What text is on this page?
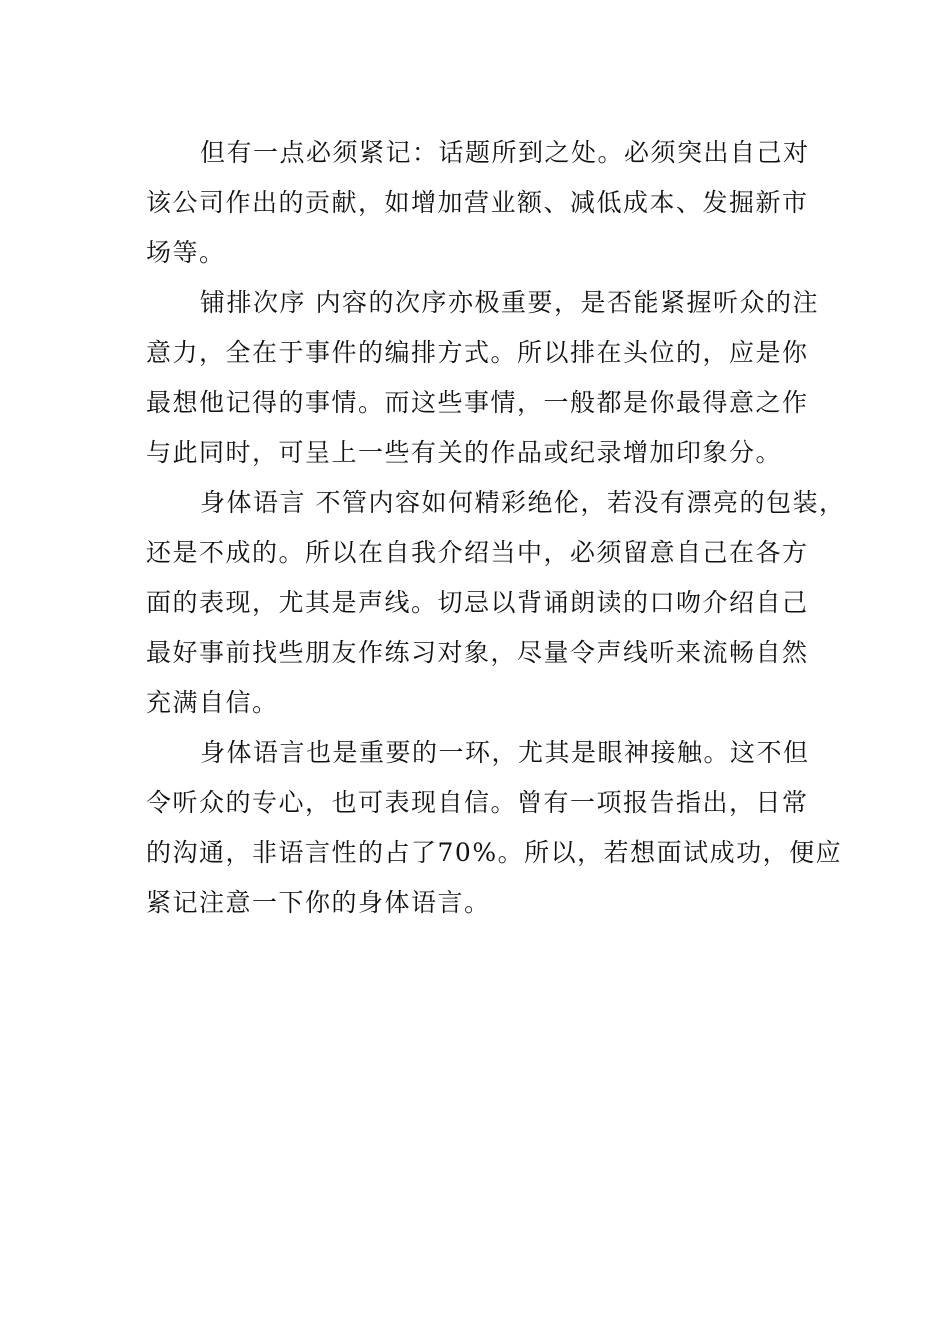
但有一点必须紧记：话题所到之处。必须突出自己对
该公司作出的贡献，如增加营业额、减低成本、发掘新市
场等。
铺排次序 内容的次序亦极重要，是否能紧握听众的注
意力，全在于事件的编排方式。所以排在头位的，应是你
最想他记得的事情。而这些事情，一般都是你最得意之作
与此同时，可呈上一些有关的作品或纪录增加印象分。
身体语言 不管内容如何精彩绝伦，若没有漂亮的包装，
还是不成的。所以在自我介绍当中，必须留意自己在各方
面的表现，尤其是声线。切忌以背诵朗读的口吻介绍自己
最好事前找些朋友作练习对象，尽量令声线听来流畅自然
充满自信。
身体语言也是重要的一环，尤其是眼神接触。这不但
令听众的专心，也可表现自信。曾有一项报告指出，日常
的沟通，非语言性的占了70%。所以，若想面试成功，便应
紧记注意一下你的身体语言。
